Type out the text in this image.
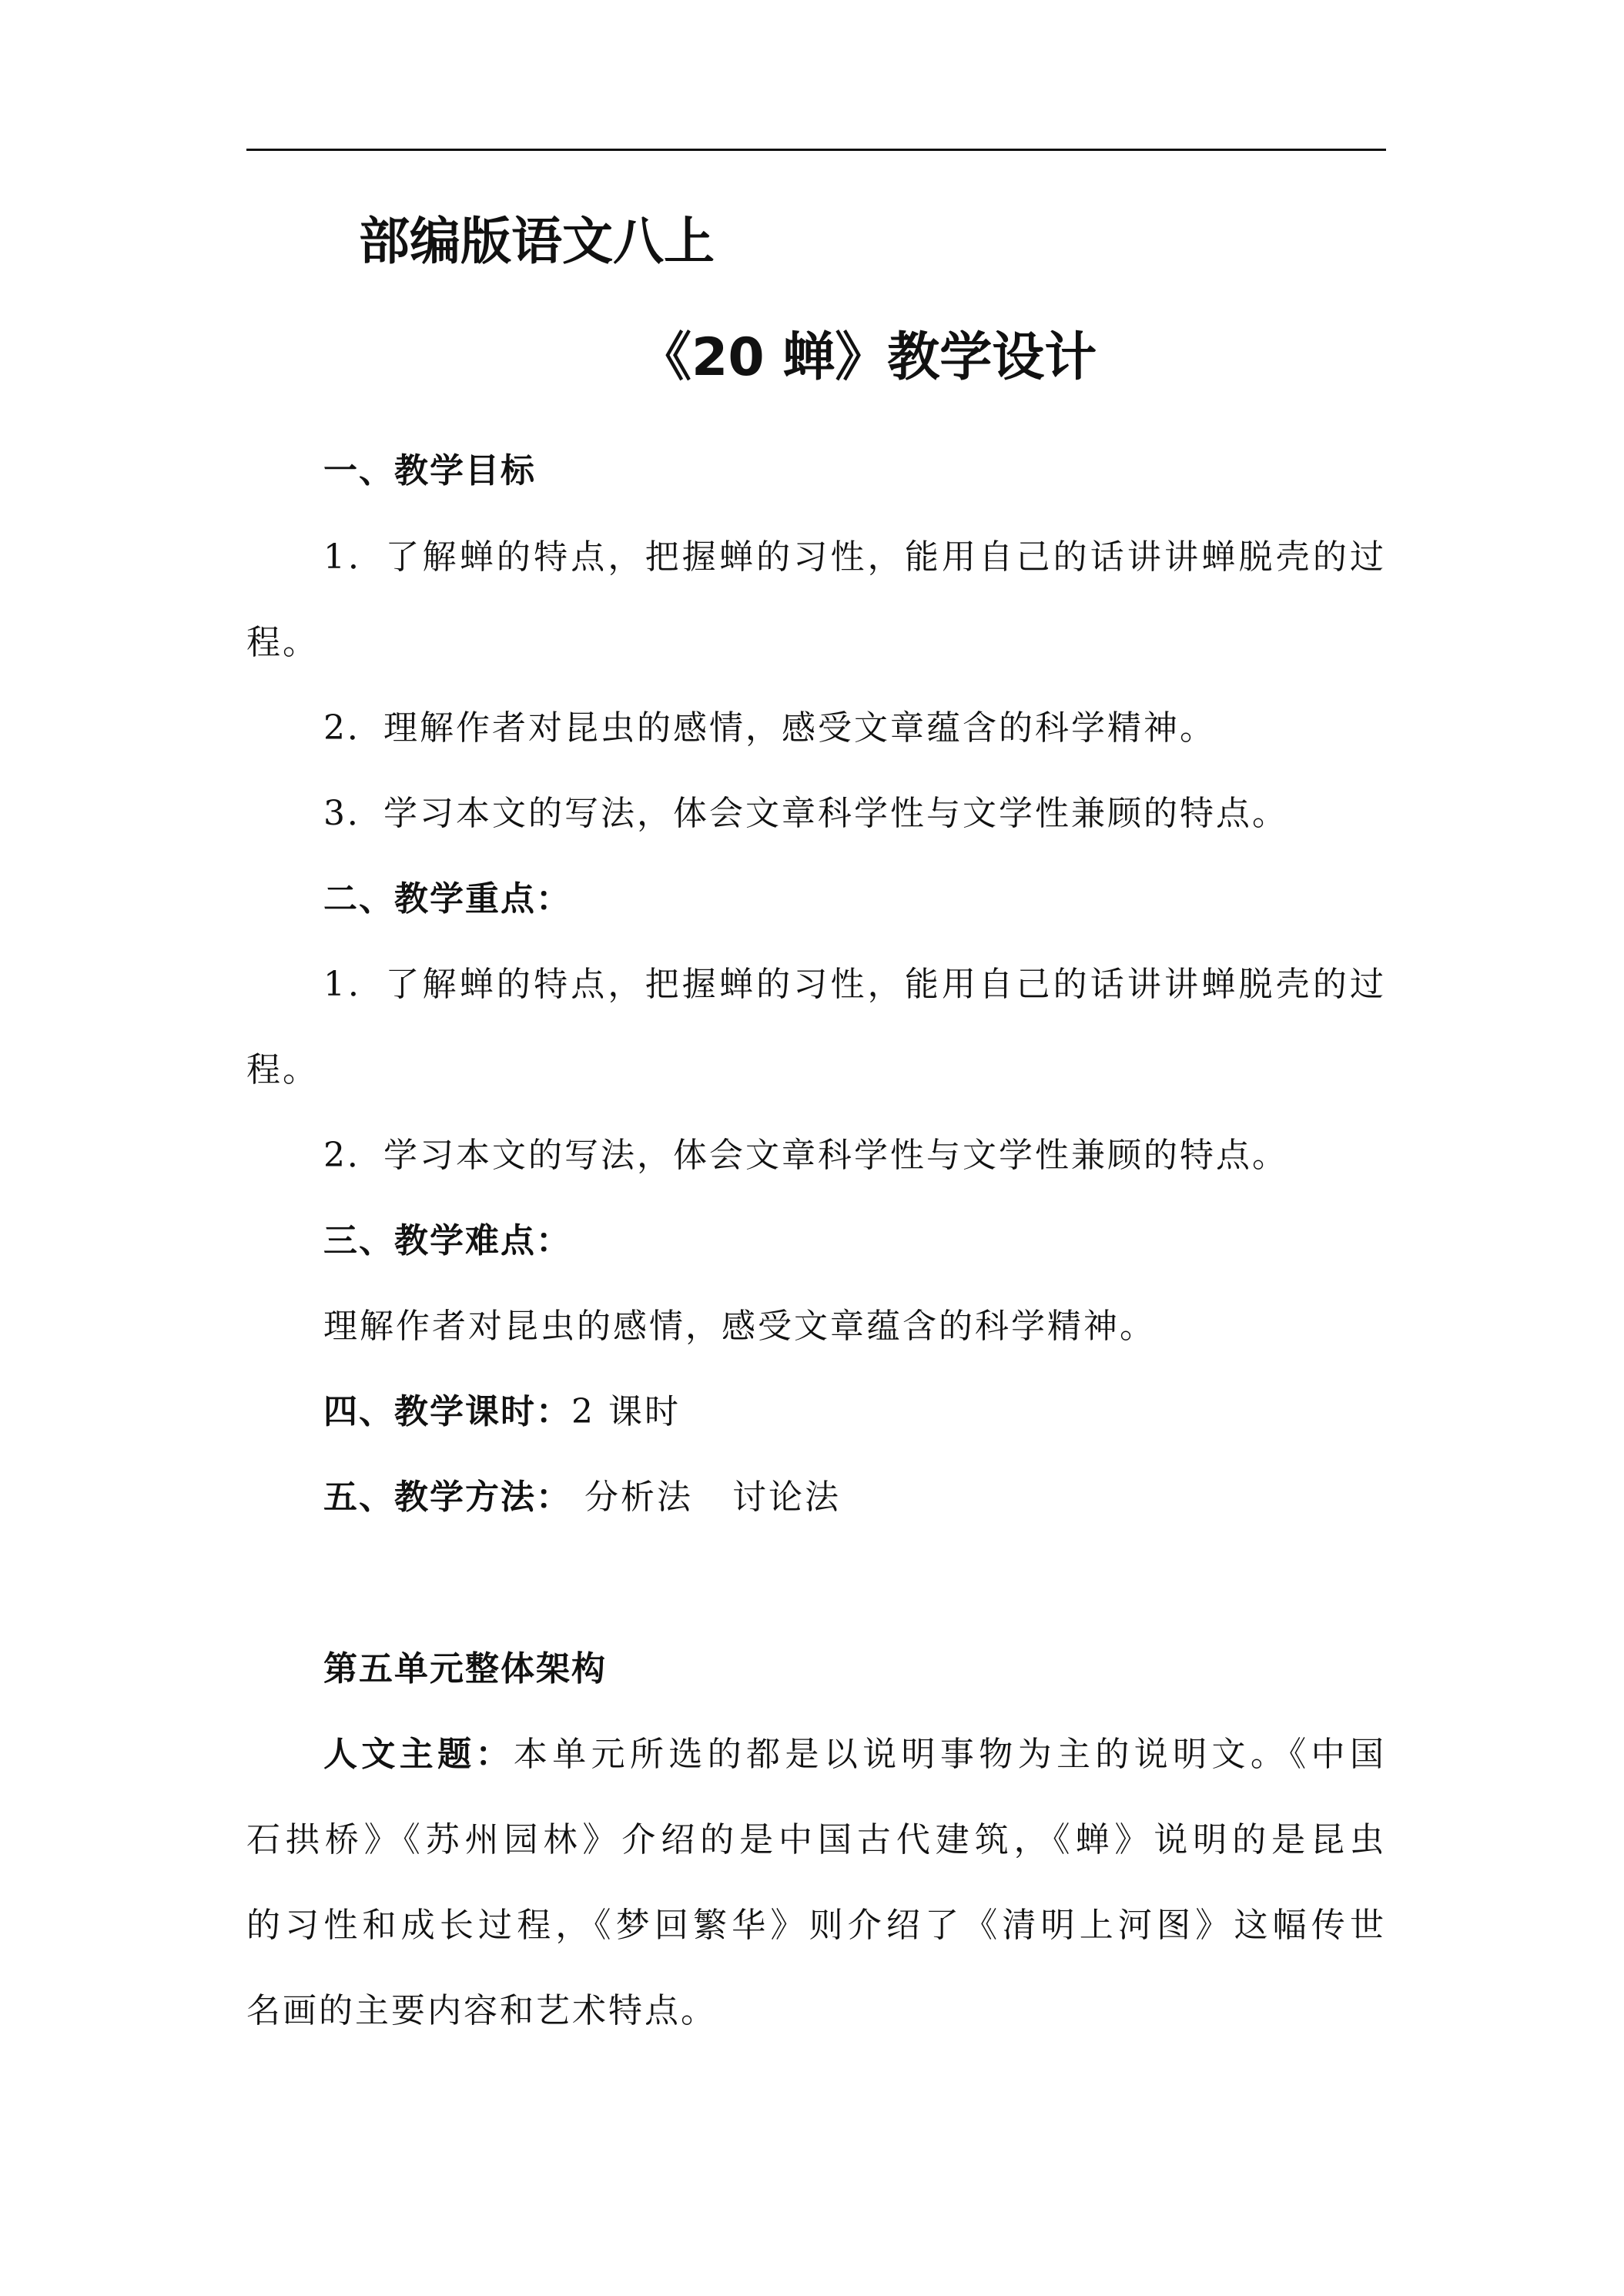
部编版语文八上
《20 蝉》教学设计
一、教学目标
1．了解蝉的特点，把握蝉的习性，能用自己的话讲讲蝉脱壳的过
程。
2．理解作者对昆虫的感情，感受文章蕴含的科学精神。
3．学习本文的写法，体会文章科学性与文学性兼顾的特点。
二、教学重点：
1．了解蝉的特点，把握蝉的习性，能用自己的话讲讲蝉脱壳的过
程。
2．学习本文的写法，体会文章科学性与文学性兼顾的特点。
三、教学难点：
理解作者对昆虫的感情，感受文章蕴含的科学精神。
四、教学课时：2 课时
五、教学方法： 分析法   讨论法
第五单元整体架构
人文主题：本单元所选的都是以说明事物为主的说明文。《中国
石拱桥》《苏州园林》介绍的是中国古代建筑，《蝉》说明的是昆虫
的习性和成长过程，《梦回繁华》则介绍了《清明上河图》这幅传世
名画的主要内容和艺术特点。
